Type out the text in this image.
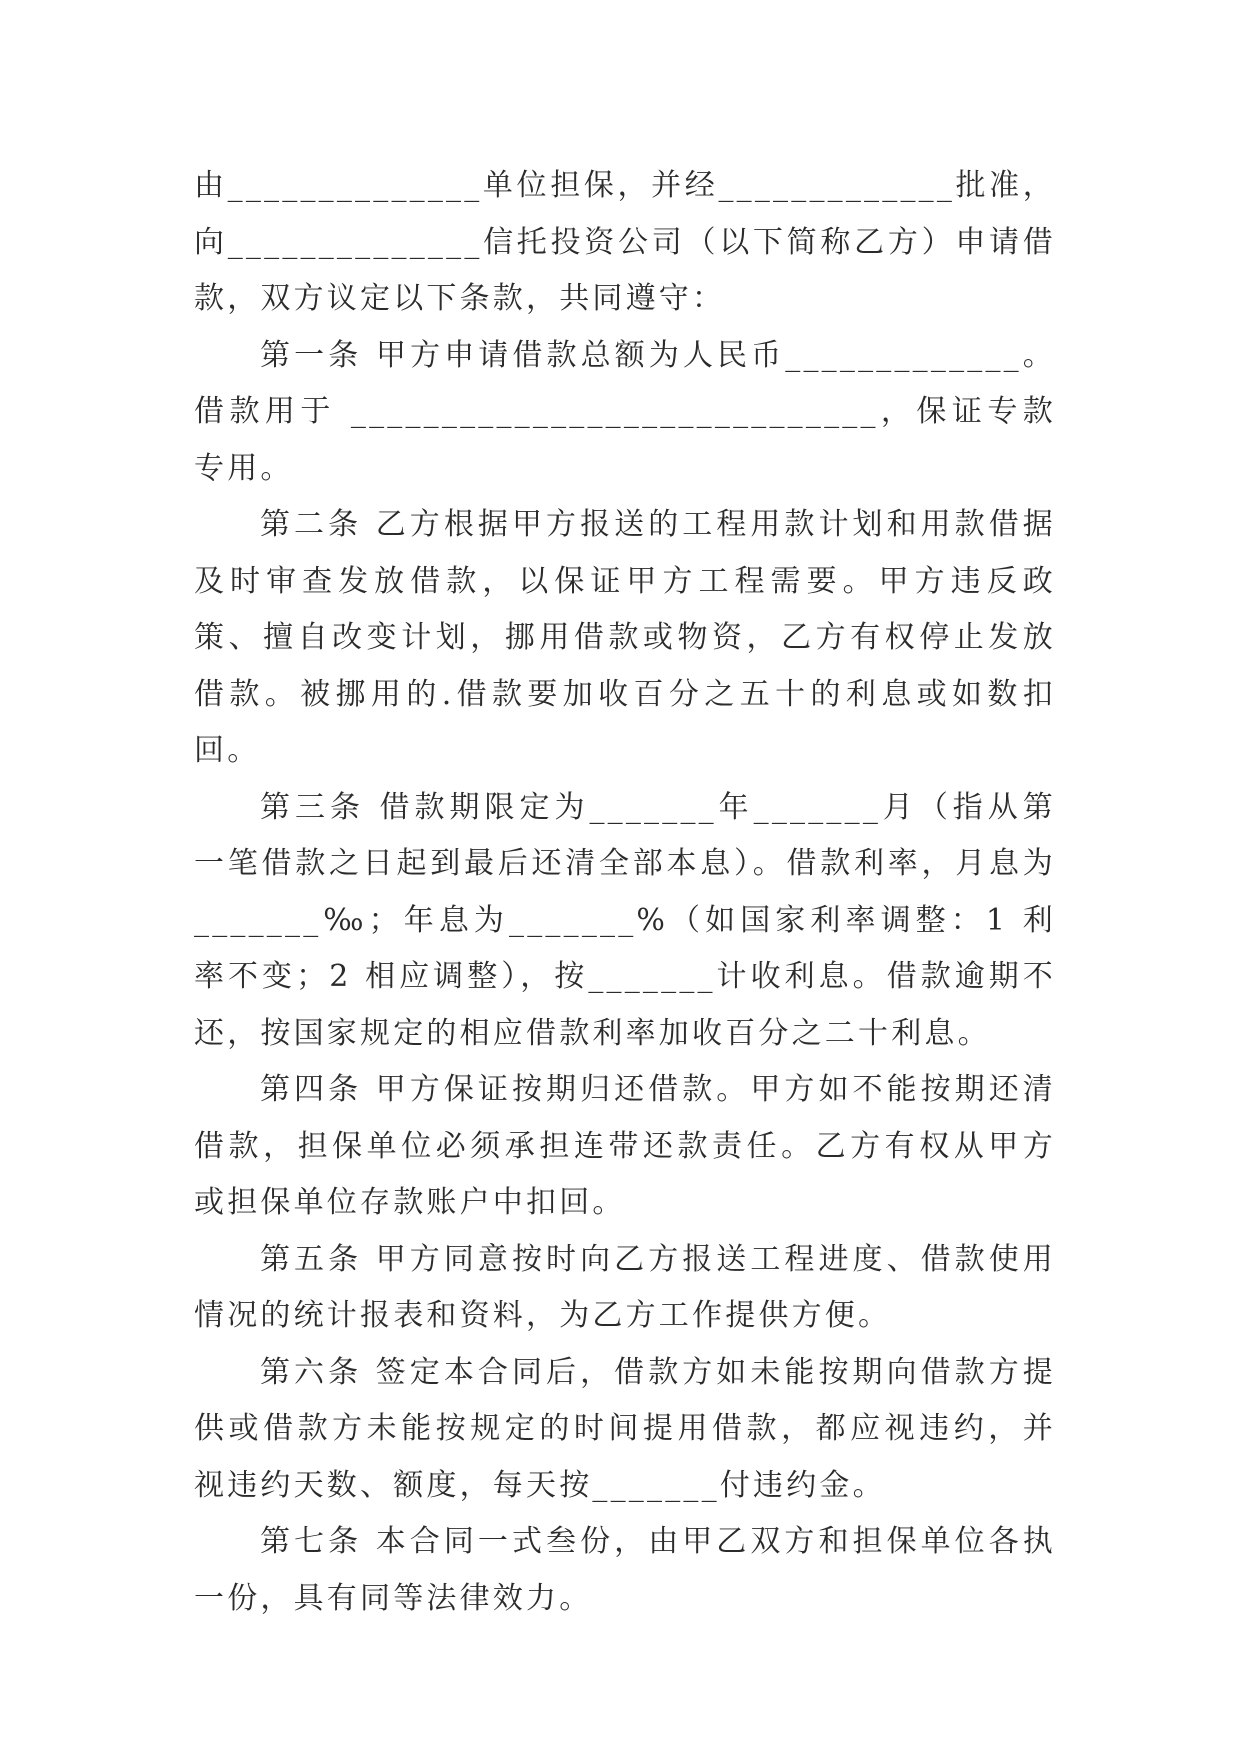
由______________单位担保，并经_____________批准，向______________信托投资公司（以下简称乙方）申请借款，双方议定以下条款，共同遵守：

第一条 甲方申请借款总额为人民币_____________。借款用于 _____________________________，保证专款专用。

第二条 乙方根据甲方报送的工程用款计划和用款借据及时审查发放借款，以保证甲方工程需要。甲方违反政策、擅自改变计划，挪用借款或物资，乙方有权停止发放借款。被挪用的.借款要加收百分之五十的利息或如数扣回。

第三条 借款期限定为_______年_______月（指从第一笔借款之日起到最后还清全部本息）。借款利率，月息为_______‰；年息为_______%（如国家利率调整：1 利率不变；2 相应调整），按_______计收利息。借款逾期不还，按国家规定的相应借款利率加收百分之二十利息。

第四条 甲方保证按期归还借款。甲方如不能按期还清借款，担保单位必须承担连带还款责任。乙方有权从甲方或担保单位存款账户中扣回。

第五条 甲方同意按时向乙方报送工程进度、借款使用情况的统计报表和资料，为乙方工作提供方便。

第六条 签定本合同后，借款方如未能按期向借款方提供或借款方未能按规定的时间提用借款，都应视违约，并视违约天数、额度，每天按_______付违约金。

第七条 本合同一式叁份，由甲乙双方和担保单位各执一份，具有同等法律效力。
